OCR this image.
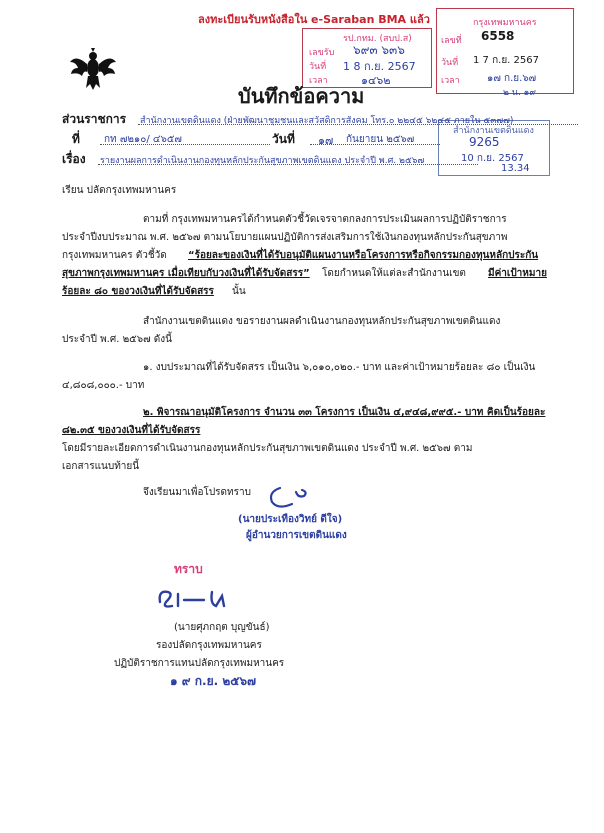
ลงทะเบียนรับหนังสือใน e-Saraban BMA แล้ว
รป.กทม. (สบป.ส)
เลขรับ ๖๙๓ ๖๓๖
วันที่ 1 8 ก.ย. 2567
เวลา	๑๔๖๒
กรุงเทพมหานคร
เลขที่ 6558
วันที่ 1 7 ก.ย. 2567
เวลา	๑๗ ก.ย.๖๗
๒ น. ๑๙
สำนักงานเขตดินแดง
9265
10 ก.ย. 2567
13.34
บันทึกข้อความ
ส่วนราชการ สำนักงานเขตดินแดง (ฝ่ายพัฒนาชุมชนและสวัสดิการสังคม โทร.๐ ๒๒๔๕ ๖๒๔๕ ภายใน ๕๓๗๗)
ที่ กท ๗๒๑๐/ ๔๖๕๗	วันที่ ๑๗ กันยายน ๒๕๖๗
เรื่อง รายงานผลการดำเนินงานกองทุนหลักประกันสุขภาพเขตดินแดง ประจำปี พ.ศ. ๒๕๖๗
เรียน ปลัดกรุงเทพมหานคร
ตามที่ กรุงเทพมหานครได้กำหนดตัวชี้วัดเจรจาตกลงการประเมินผลการปฏิบัติราชการ
ประจำปีงบประมาณ พ.ศ. ๒๕๖๗ ตามนโยบายแผนปฏิบัติการส่งเสริมการใช้เงินกองทุนหลักประกันสุขภาพ
กรุงเทพมหานคร ตัวชี้วัด “ร้อยละของเงินที่ได้รับอนุมัติแผนงานหรือโครงการหรือกิจกรรมกองทุนหลักประกัน
สุขภาพกรุงเทพมหานคร เมื่อเทียบกับวงเงินที่ได้รับจัดสรร” โดยกำหนดให้แต่ละสำนักงานเขต มีค่าเป้าหมาย
ร้อยละ ๘๐ ของวงเงินที่ได้รับจัดสรร นั้น
สำนักงานเขตดินแดง ขอรายงานผลดำเนินงานกองทุนหลักประกันสุขภาพเขตดินแดง
ประจำปี พ.ศ. ๒๕๖๗ ดังนี้
๑. งบประมาณที่ได้รับจัดสรร เป็นเงิน ๖,๐๑๐,๐๒๐.- บาท และค่าเป้าหมายร้อยละ ๘๐ เป็นเงิน
๔,๘๐๘,๐๐๐.- บาท
๒. พิจารณาอนุมัติโครงการ จำนวน ๓๓ โครงการ เป็นเงิน ๔,๙๔๘,๙๙๕.- บาท คิดเป็นร้อยละ
๘๒.๓๕ ของวงเงินที่ได้รับจัดสรร
โดยมีรายละเอียดการดำเนินงานกองทุนหลักประกันสุขภาพเขตดินแดง ประจำปี พ.ศ. ๒๕๖๗ ตาม
เอกสารแนบท้ายนี้
จึงเรียนมาเพื่อโปรดทราบ
(นายประเทืองวิทย์ ดีใจ)
ผู้อำนวยการเขตดินแดง
ทราบ
(นายศุภกฤต บุญขันธ์)
รองปลัดกรุงเทพมหานคร
ปฏิบัติราชการแทนปลัดกรุงเทพมหานคร
๑ ๙ ก.ย. ๒๕๖๗
